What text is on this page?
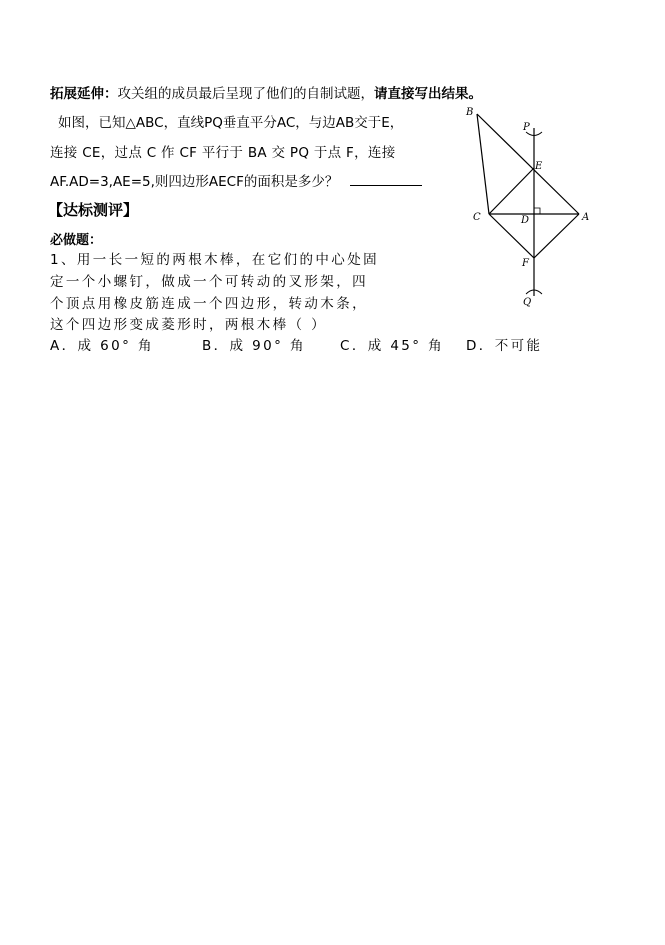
拓展延伸：攻关组的成员最后呈现了他们的自制试题，请直接写出结果。
如图，已知△ABC，直线PQ垂直平分AC，与边AB交于E，
连接 CE，过点 C 作 CF 平行于 BA 交 PQ 于点 F，连接
AF.AD=3,AE=5,则四边形AECF的面积是多少？
【达标测评】
必做题：
1、用一长一短的两根木棒，在它们的中心处固
定一个小螺钉，做成一个可转动的叉形架，四
个顶点用橡皮筋连成一个四边形，转动木条，
这个四边形变成菱形时，两根木棒（ ）
A．成 60° 角	B．成 90° 角	C．成 45° 角 D．不可能
B
P
E
C	D	A
F
Q
